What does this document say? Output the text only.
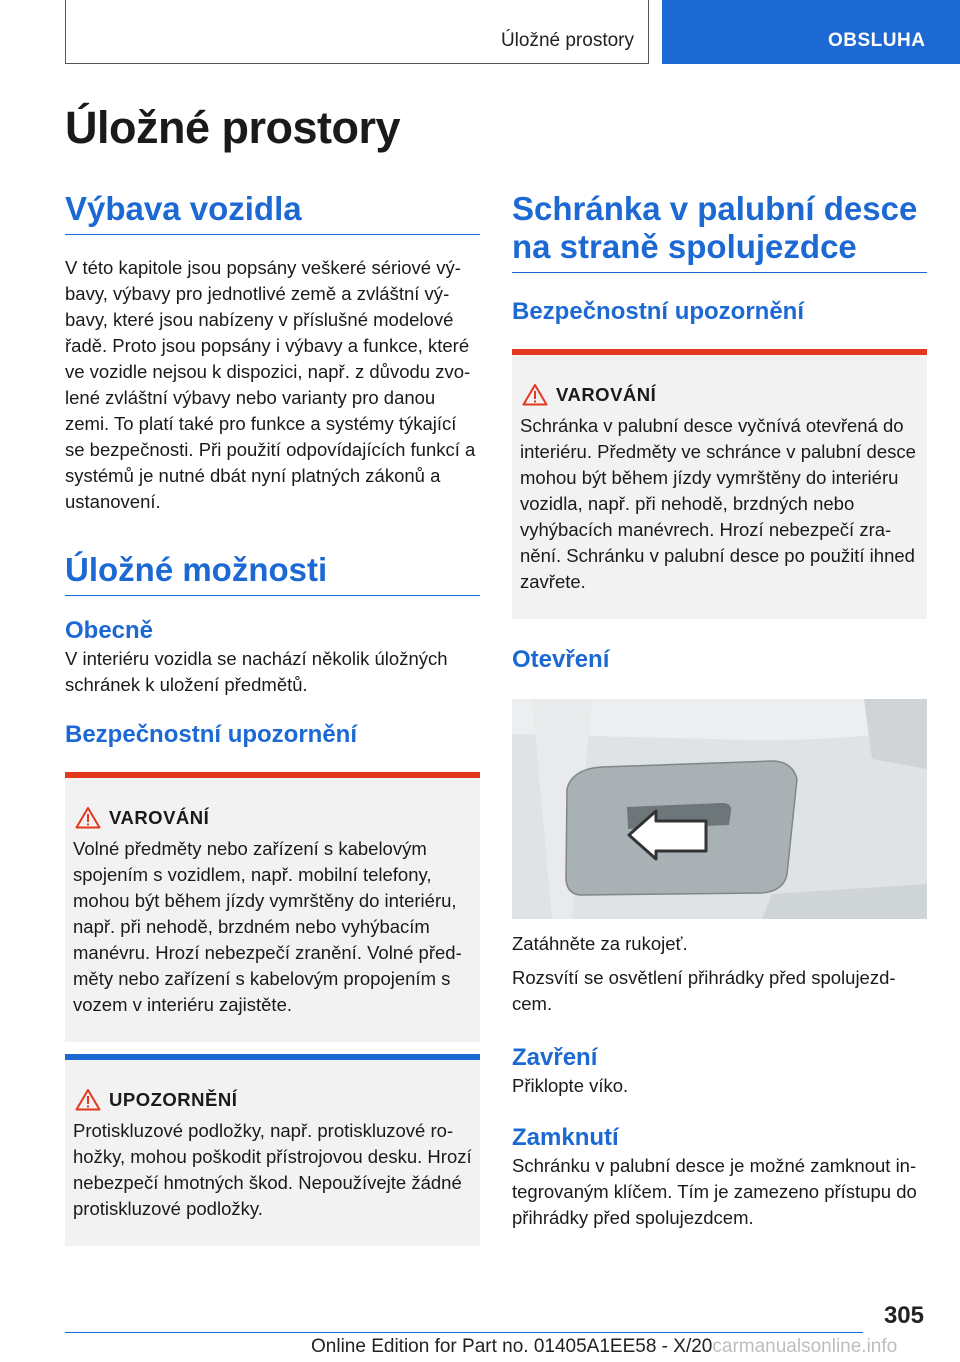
Úložné prostory	OBSLUHA
Úložné prostory
Výbava vozidla

V této kapitole jsou popsány veškeré sériové výbavy, výbavy pro jednotlivé země a zvláštní výbavy, které jsou nabízeny v příslušné modelové řadě. Proto jsou popsány i výbavy a funkce, které ve vozidle nejsou k dispozici, např. z důvodu zvolené zvláštní výbavy nebo varianty pro danou zemi. To platí také pro funkce a systémy týkající se bezpečnosti. Při použití odpovídajících funkcí a systémů je nutné dbát nyní platných zákonů a ustanovení.

Úložné možnosti
Obecně

V interiéru vozidla se nachází několik úložných schránek k uložení předmětů.

Bezpečnostní upozornění
VAROVÁNÍ

Volné předměty nebo zařízení s kabelovým spojením s vozidlem, např. mobilní telefony, mohou být během jízdy vymrštěny do interiéru, např. při nehodě, brzdném nebo vyhýbacím manévru. Hrozí nebezpečí zranění. Volné předměty nebo zařízení s kabelovým propojením s vozem v interiéru zajistěte.

UPOZORNĚNÍ

Protiskluzové podložky, např. protiskluzové rohožky, mohou poškodit přístrojovou desku. Hrozí nebezpečí hmotných škod. Nepoužívejte žádné protiskluzové podložky.

Schránka v palubní desce na straně spolujezdce
Bezpečnostní upozornění
VAROVÁNÍ

Schránka v palubní desce vyčnívá otevřená do interiéru. Předměty ve schránce v palubní desce mohou být během jízdy vymrštěny do interiéru vozidla, např. při nehodě, brzdných nebo vyhýbacích manévrech. Hrozí nebezpečí zranění. Schránku v palubní desce po použití ihned zavřete.

Otevření

Zatáhněte za rukojeť.

Rozsvítí se osvětlení přihrádky před spolujezdcem.

Zavření

Přiklopte víko.

Zamknutí

Schránku v palubní desce je možné zamknout integrovaným klíčem. Tím je zamezeno přístupu do přihrádky před spolujezdcem.

305
Online Edition for Part no. 01405A1EE58 - X/20carmanualsonline.info
